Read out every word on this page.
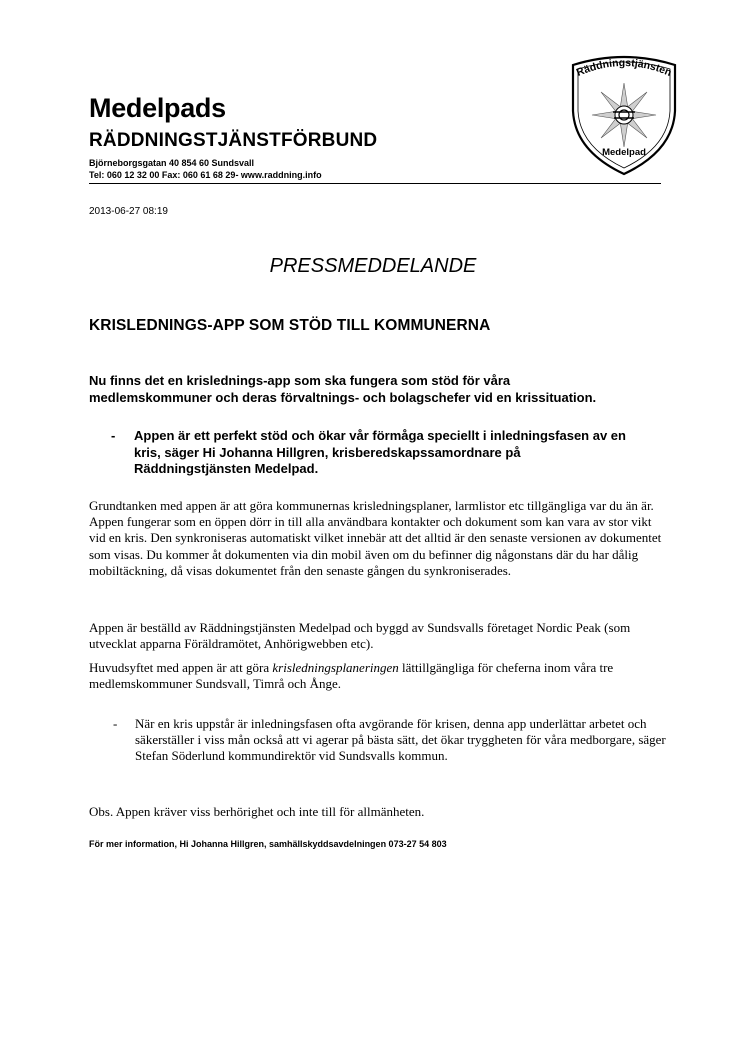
Medelpads
RÄDDNINGSTJÄNSTFÖRBUND
Björneborgsgatan 40 854 60 Sundsvall
Tel: 060 12 32 00 Fax: 060 61 68 29- www.raddning.info
Räddningstjänsten
Medelpad
2013-06-27 08:19
PRESSMEDDELANDE
KRISLEDNINGS-APP SOM STÖD TILL KOMMUNERNA
Nu finns det en krislednings-app som ska fungera som stöd för våra medlemskommuner och deras förvaltnings- och bolagschefer vid en krissituation.
- Appen är ett perfekt stöd och ökar vår förmåga speciellt i inledningsfasen av en kris, säger Hi Johanna Hillgren, krisberedskapssamordnare på Räddningstjänsten Medelpad.
Grundtanken med appen är att göra kommunernas krisledningsplaner, larmlistor etc tillgängliga var du än är. Appen fungerar som en öppen dörr in till alla användbara kontakter och dokument som kan vara av stor vikt vid en kris. Den synkroniseras automatiskt vilket innebär att det alltid är den senaste versionen av dokumentet som visas. Du kommer åt dokumenten via din mobil även om du befinner dig någonstans där du har dålig mobiltäckning, då visas dokumentet från den senaste gången du synkroniserades.
Appen är beställd av Räddningstjänsten Medelpad och byggd av Sundsvalls företaget Nordic Peak (som utvecklat apparna Föräldramötet, Anhörigwebben etc).
Huvudsyftet med appen är att göra krisledningsplaneringen lättillgängliga för cheferna inom våra tre medlemskommuner Sundsvall, Timrå och Ånge.
- När en kris uppstår är inledningsfasen ofta avgörande för krisen, denna app underlättar arbetet och säkerställer i viss mån också att vi agerar på bästa sätt, det ökar tryggheten för våra medborgare, säger Stefan Söderlund kommundirektör vid Sundsvalls kommun.
Obs. Appen kräver viss berhörighet och inte till för allmänheten.
För mer information, Hi Johanna Hillgren, samhällskyddsavdelningen 073-27 54 803
